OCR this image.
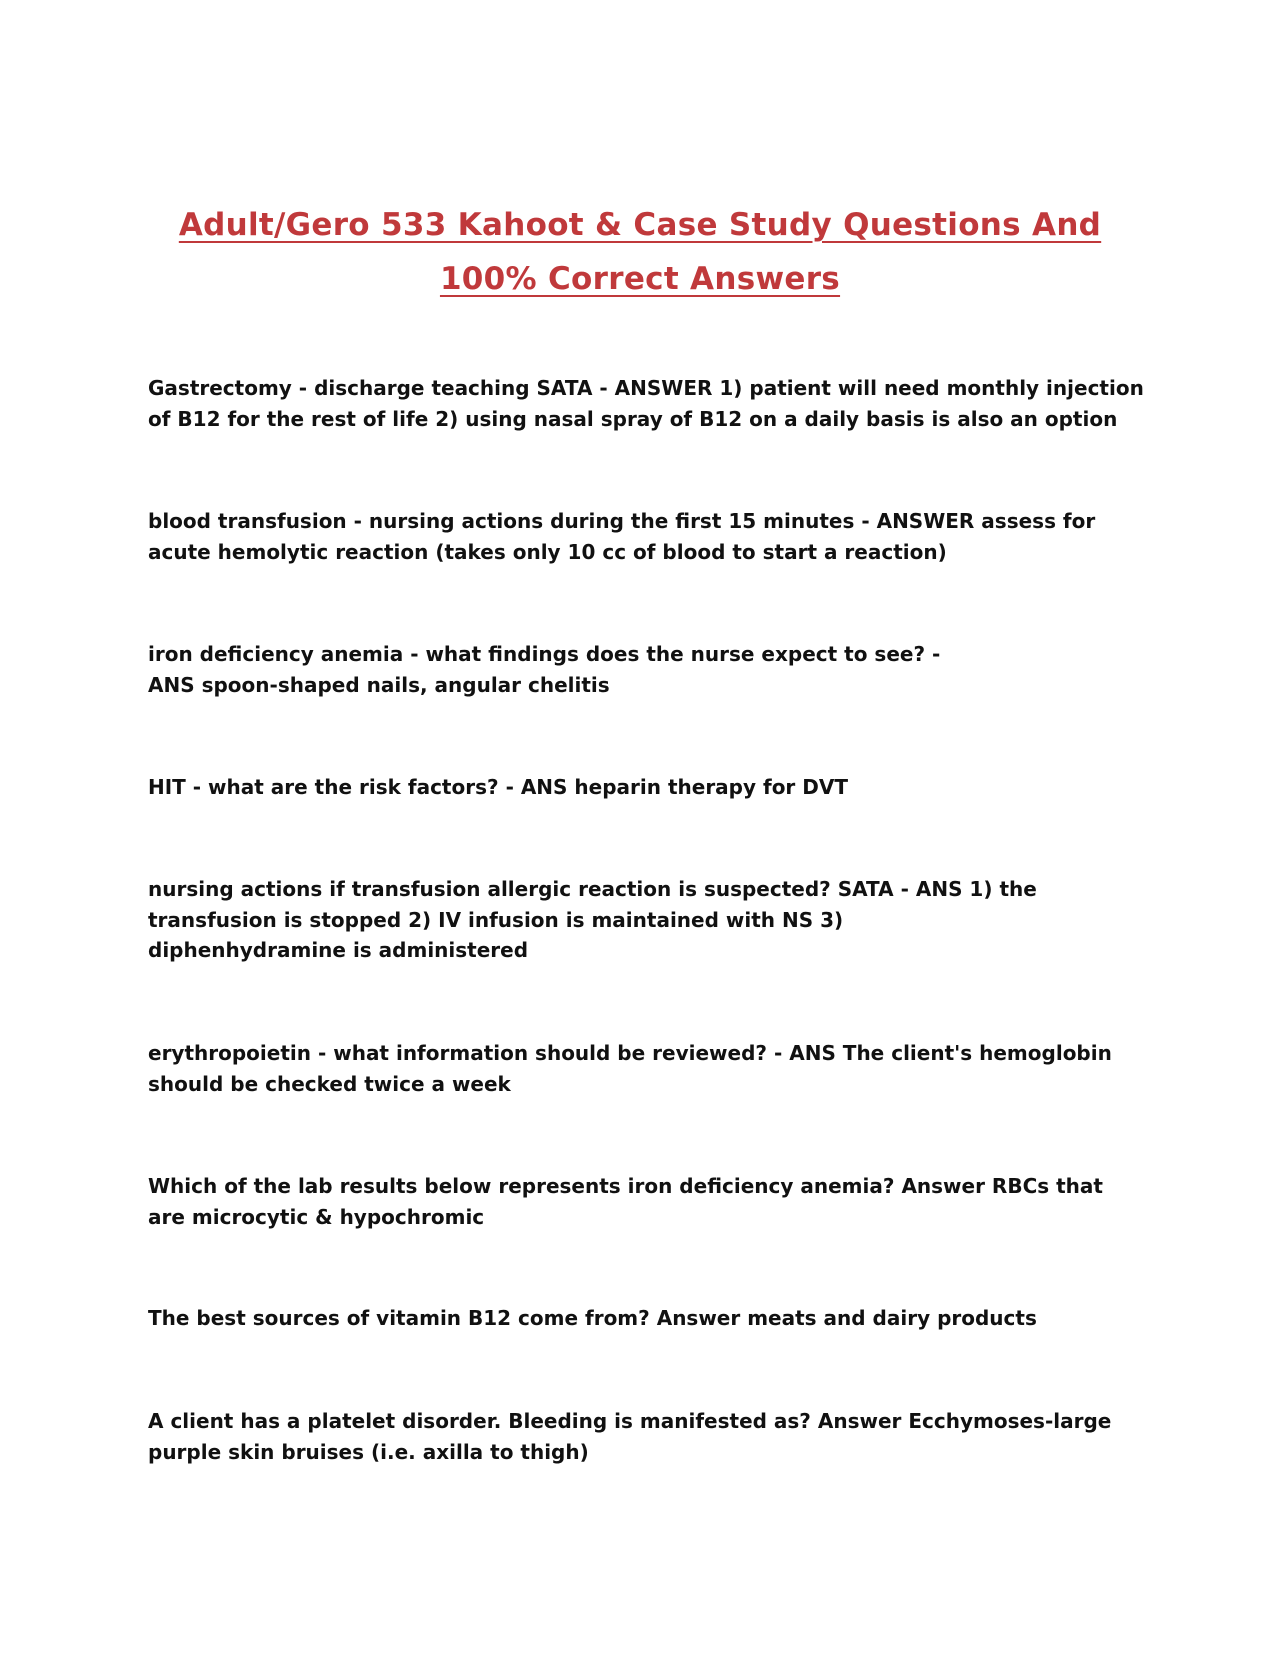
Adult/Gero 533 Kahoot & Case Study Questions And
100% Correct Answers

Gastrectomy - discharge teaching SATA - ANSWER 1) patient will need monthly injection of B12 for the rest of life 2) using nasal spray of B12 on a daily basis is also an option

blood transfusion - nursing actions during the first 15 minutes - ANSWER assess for acute hemolytic reaction (takes only 10 cc of blood to start a reaction)

iron deficiency anemia - what findings does the nurse expect to see? - ANS spoon-shaped nails, angular chelitis

HIT - what are the risk factors? - ANS heparin therapy for DVT

nursing actions if transfusion allergic reaction is suspected? SATA - ANS 1) the transfusion is stopped 2) IV infusion is maintained with NS 3) diphenhydramine is administered

erythropoietin - what information should be reviewed? - ANS The client's hemoglobin should be checked twice a week

Which of the lab results below represents iron deficiency anemia? Answer RBCs that are microcytic & hypochromic

The best sources of vitamin B12 come from? Answer meats and dairy products

A client has a platelet disorder. Bleeding is manifested as? Answer Ecchymoses-large purple skin bruises (i.e. axilla to thigh)
